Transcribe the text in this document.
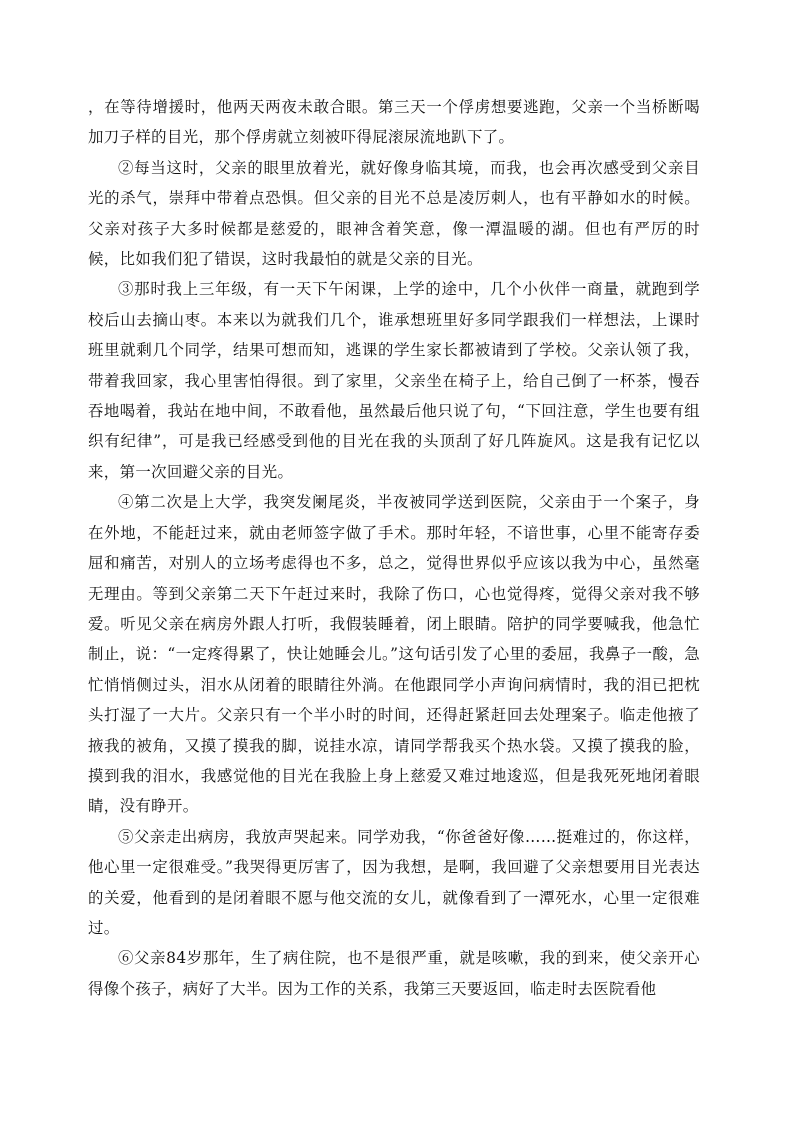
，在等待增援时，他两天两夜未敢合眼。第三天一个俘虏想要逃跑，父亲一个当桥断喝加刀子样的目光，那个俘虏就立刻被吓得屁滚尿流地趴下了。

②每当这时，父亲的眼里放着光，就好像身临其境，而我，也会再次感受到父亲目光的杀气，崇拜中带着点恐惧。但父亲的目光不总是凌厉刺人，也有平静如水的时候。父亲对孩子大多时候都是慈爱的，眼神含着笑意，像一潭温暖的湖。但也有严厉的时候，比如我们犯了错误，这时我最怕的就是父亲的目光。

③那时我上三年级，有一天下午闲课，上学的途中，几个小伙伴一商量，就跑到学校后山去摘山枣。本来以为就我们几个，谁承想班里好多同学跟我们一样想法，上课时班里就剩几个同学，结果可想而知，逃课的学生家长都被请到了学校。父亲认领了我，带着我回家，我心里害怕得很。到了家里，父亲坐在椅子上，给自己倒了一杯茶，慢吞吞地喝着，我站在地中间，不敢看他，虽然最后他只说了句，“下回注意，学生也要有组织有纪律”，可是我已经感受到他的目光在我的头顶刮了好几阵旋风。这是我有记忆以来，第一次回避父亲的目光。

④第二次是上大学，我突发阑尾炎，半夜被同学送到医院，父亲由于一个案子，身在外地，不能赶过来，就由老师签字做了手术。那时年轻，不谙世事，心里不能寄存委屈和痛苦，对别人的立场考虑得也不多，总之，觉得世界似乎应该以我为中心，虽然毫无理由。等到父亲第二天下午赶过来时，我除了伤口，心也觉得疼，觉得父亲对我不够爱。听见父亲在病房外跟人打听，我假装睡着，闭上眼睛。陪护的同学要喊我，他急忙制止，说：“一定疼得累了，快让她睡会儿。”这句话引发了心里的委屈，我鼻子一酸，急忙悄悄侧过头，泪水从闭着的眼睛往外淌。在他跟同学小声询问病情时，我的泪已把枕头打湿了一大片。父亲只有一个半小时的时间，还得赶紧赶回去处理案子。临走他掖了掖我的被角，又摸了摸我的脚，说挂水凉，请同学帮我买个热水袋。又摸了摸我的脸，摸到我的泪水，我感觉他的目光在我脸上身上慈爱又难过地逡巡，但是我死死地闭着眼睛，没有睁开。

⑤父亲走出病房，我放声哭起来。同学劝我，“你爸爸好像……挺难过的，你这样，他心里一定很难受。”我哭得更厉害了，因为我想，是啊，我回避了父亲想要用目光表达的关爱，他看到的是闭着眼不愿与他交流的女儿，就像看到了一潭死水，心里一定很难过。

⑥父亲84岁那年，生了病住院，也不是很严重，就是咳嗽，我的到来，使父亲开心得像个孩子，病好了大半。因为工作的关系，我第三天要返回，临走时去医院看他
